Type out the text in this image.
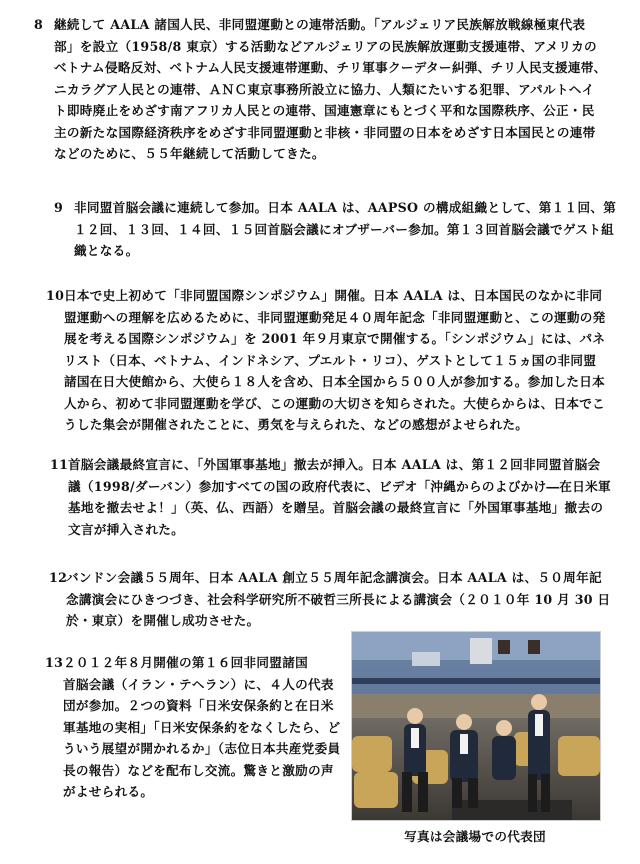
8 継続して AALA 諸国人民、非同盟運動との連帯活動。「アルジェリア民族解放戦線極東代表
部」を設立（1958/8 東京）する活動などアルジェリアの民族解放運動支援連帯、アメリカの
ベトナム侵略反対、ベトナム人民支援連帯運動、チリ軍事クーデター糾弾、チリ人民支援連帯、
ニカラグア人民との連帯、ＡＮＣ東京事務所設立に協力、人類にたいする犯罪、アパルトヘイ
ト即時廃止をめざす南アフリカ人民との連帯、国連憲章にもとづく平和な国際秩序、公正・民
主の新たな国際経済秩序をめざす非同盟運動と非核・非同盟の日本をめざす日本国民との連帯
などのために、５５年継続して活動してきた。
9 非同盟首脳会議に連続して参加。日本 AALA は、AAPSO の構成組織として、第１１回、第
１２回、１３回、１４回、１５回首脳会議にオブザーバー参加。第１３回首脳会議でゲスト組
織となる。
10 日本で史上初めて「非同盟国際シンポジウム」開催。日本 AALA は、日本国民のなかに非同
盟運動への理解を広めるために、非同盟運動発足４０周年記念「非同盟運動と、この運動の発
展を考える国際シンポジウム」を 2001 年９月東京で開催する。「シンポジウム」には、パネ
リスト（日本、ベトナム、インドネシア、プエルト・リコ）、ゲストとして１５ヵ国の非同盟
諸国在日大使館から、大使ら１８人を含め、日本全国から５００人が参加する。参加した日本
人から、初めて非同盟運動を学び、この運動の大切さを知らされた。大使らからは、日本でこ
うした集会が開催されたことに、勇気を与えられた、などの感想がよせられた。
11 首脳会議最終宣言に、「外国軍事基地」撤去が挿入。日本 AALA は、第１２回非同盟首脳会
議（1998/ダーバン）参加すべての国の政府代表に、ビデオ「沖縄からのよびかけ―在日米軍
基地を撤去せよ！」（英、仏、西語）を贈呈。首脳会議の最終宣言に「外国軍事基地」撤去の
文言が挿入された。
12
バンドン会議５５周年、日本 AALA 創立５５周年記念講演会。日本 AALA は、５０周年記
念講演会にひきつづき、社会科学研究所不破哲三所長による講演会（２０１０年 10 月 30 日
於・東京）を開催し成功させた。
13 ２０１２年８月開催の第１６回非同盟諸国
首脳会議（イラン・テヘラン）に、４人の代表
団が参加。２つの資料「日米安保条約と在日米
軍基地の実相」「日米安保条約をなくしたら、ど
ういう展望が開かれるか」（志位日本共産党委員
長の報告）などを配布し交流。驚きと激励の声
がよせられる。
写真は会議場での代表団
